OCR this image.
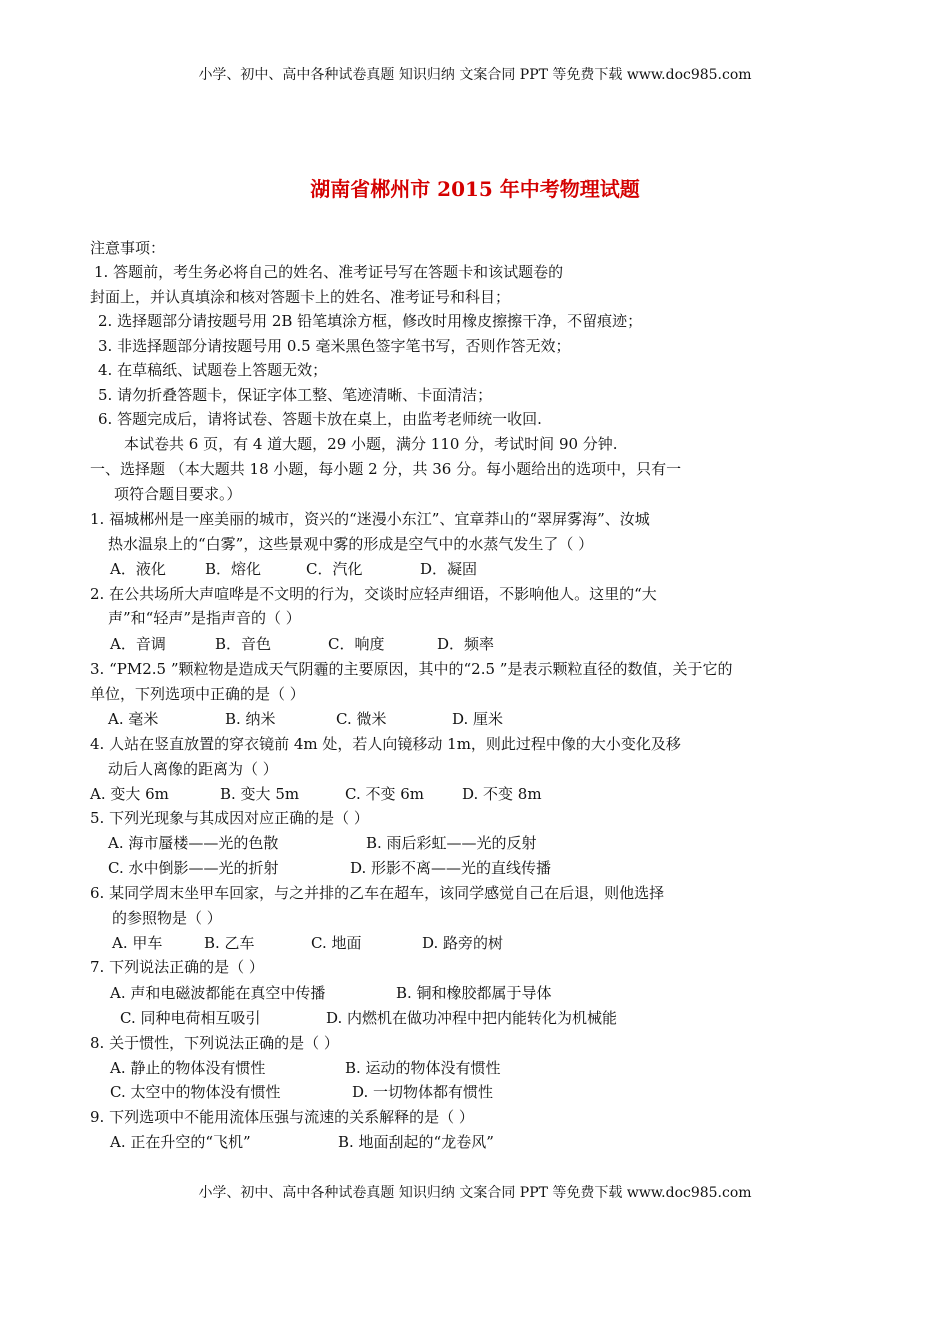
小学、初中、高中各种试卷真题 知识归纳 文案合同 PPT 等免费下载 www.doc985.com
湖南省郴州市 2015 年中考物理试题
注意事项：
1. 答题前，考生务必将自己的姓名、准考证号写在答题卡和该试题卷的
封面上，并认真填涂和核对答题卡上的姓名、准考证号和科目；
2. 选择题部分请按题号用 2B 铅笔填涂方框，修改时用橡皮擦擦干净，不留痕迹；
3. 非选择题部分请按题号用 0.5 毫米黑色签字笔书写，否则作答无效；
4. 在草稿纸、试题卷上答题无效；
5. 请勿折叠答题卡，保证字体工整、笔迹清晰、卡面清洁；
6. 答题完成后，请将试卷、答题卡放在桌上，由监考老师统一收回.
本试卷共 6 页，有 4 道大题，29 小题，满分 110 分，考试时间 90 分钟.
一、选择题 （本大题共 18 小题，每小题 2 分，共 36 分。每小题给出的选项中，只有一
项符合题目要求。）
1. 福城郴州是一座美丽的城市，资兴的“迷漫小东江”、宜章莽山的“翠屏雾海”、汝城
热水温泉上的“白雾”，这些景观中雾的形成是空气中的水蒸气发生了（ ）
A．液化	B．熔化	C．汽化	D．凝固
2. 在公共场所大声喧哗是不文明的行为，交谈时应轻声细语，不影响他人。这里的“大
声”和“轻声”是指声音的（ ）
A．音调	B．音色	C．响度	D．频率
3. “PM2.5 ”颗粒物是造成天气阴霾的主要原因，其中的“2.5 ”是表示颗粒直径的数值，关于它的
单位，下列选项中正确的是（ ）
A. 毫米	B. 纳米	C. 微米	D. 厘米
4. 人站在竖直放置的穿衣镜前 4m 处，若人向镜移动 1m，则此过程中像的大小变化及移
动后人离像的距离为（ ）
A. 变大 6m	B. 变大 5m	C. 不变 6m	D. 不变 8m
5. 下列光现象与其成因对应正确的是（ ）
A. 海市蜃楼——光的色散	B. 雨后彩虹——光的反射
C. 水中倒影——光的折射	D. 形影不离——光的直线传播
6. 某同学周末坐甲车回家，与之并排的乙车在超车，该同学感觉自己在后退，则他选择
的参照物是（ ）
A. 甲车	B. 乙车	C. 地面	D. 路旁的树
7. 下列说法正确的是（ ）
A. 声和电磁波都能在真空中传播	B. 铜和橡胶都属于导体
C. 同种电荷相互吸引	D. 内燃机在做功冲程中把内能转化为机械能
8. 关于惯性，下列说法正确的是（ ）
A. 静止的物体没有惯性	B. 运动的物体没有惯性
C. 太空中的物体没有惯性	D. 一切物体都有惯性
9. 下列选项中不能用流体压强与流速的关系解释的是（ ）
A. 正在升空的“飞机”	B. 地面刮起的“龙卷风”
小学、初中、高中各种试卷真题 知识归纳 文案合同 PPT 等免费下载 www.doc985.com
